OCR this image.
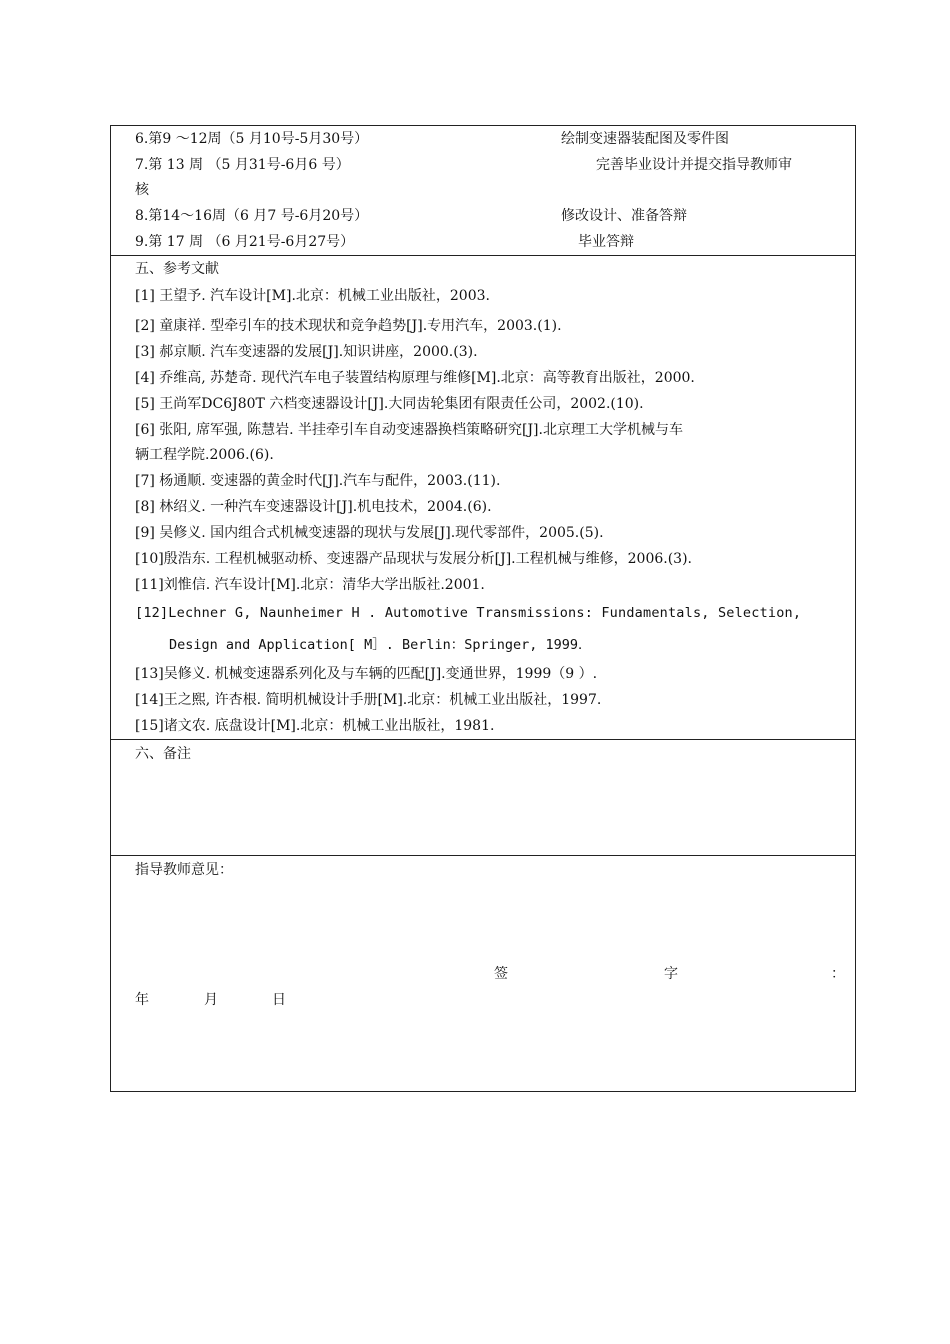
6.第9 ～12周（5 月10号-5月30号）	绘制变速器装配图及零件图
7.第 13 周 （5 月31号-6月6 号）	完善毕业设计并提交指导教师审
核
8.第14～16周（6 月7 号-6月20号）	修改设计、准备答辩
9.第 17 周 （6 月21号-6月27号）	毕业答辩
五、参考文献
[1] 王望予. 汽车设计[M].北京：机械工业出版社，2003.
[2] 童康祥. 型牵引车的技术现状和竞争趋势[J].专用汽车，2003.(1).
[3] 郝京顺. 汽车变速器的发展[J].知识讲座，2000.(3).
[4] 乔维高, 苏楚奇. 现代汽车电子装置结构原理与维修[M].北京：高等教育出版社，2000.
[5] 王尚军DC6J80T 六档变速器设计[J].大同齿轮集团有限责任公司，2002.(10).
[6] 张阳, 席军强, 陈慧岩. 半挂牵引车自动变速器换档策略研究[J].北京理工大学机械与车
辆工程学院.2006.(6).
[7] 杨通顺. 变速器的黄金时代[J].汽车与配件，2003.(11).
[8] 林绍义. 一种汽车变速器设计[J].机电技术，2004.(6).
[9] 吴修义. 国内组合式机械变速器的现状与发展[J].现代零部件，2005.(5).
[10]殷浩东. 工程机械驱动桥、变速器产品现状与发展分析[J].工程机械与维修，2006.(3).
[11]刘惟信. 汽车设计[M].北京：清华大学出版社.2001.
[12]Lechner G, Naunheimer H . Automotive Transmissions: Fundamentals, Selection,
Design and Application[ M］. Berlin：Springer, 1999．
[13]吴修义. 机械变速器系列化及与车辆的匹配[J].变通世界，1999（9 ）.
[14]王之熙, 许杏根. 简明机械设计手册[M].北京：机械工业出版社，1997.
[15]诸文农. 底盘设计[M].北京：机械工业出版社，1981.
六、备注
指导教师意见：
签	字	：
年	月	日
